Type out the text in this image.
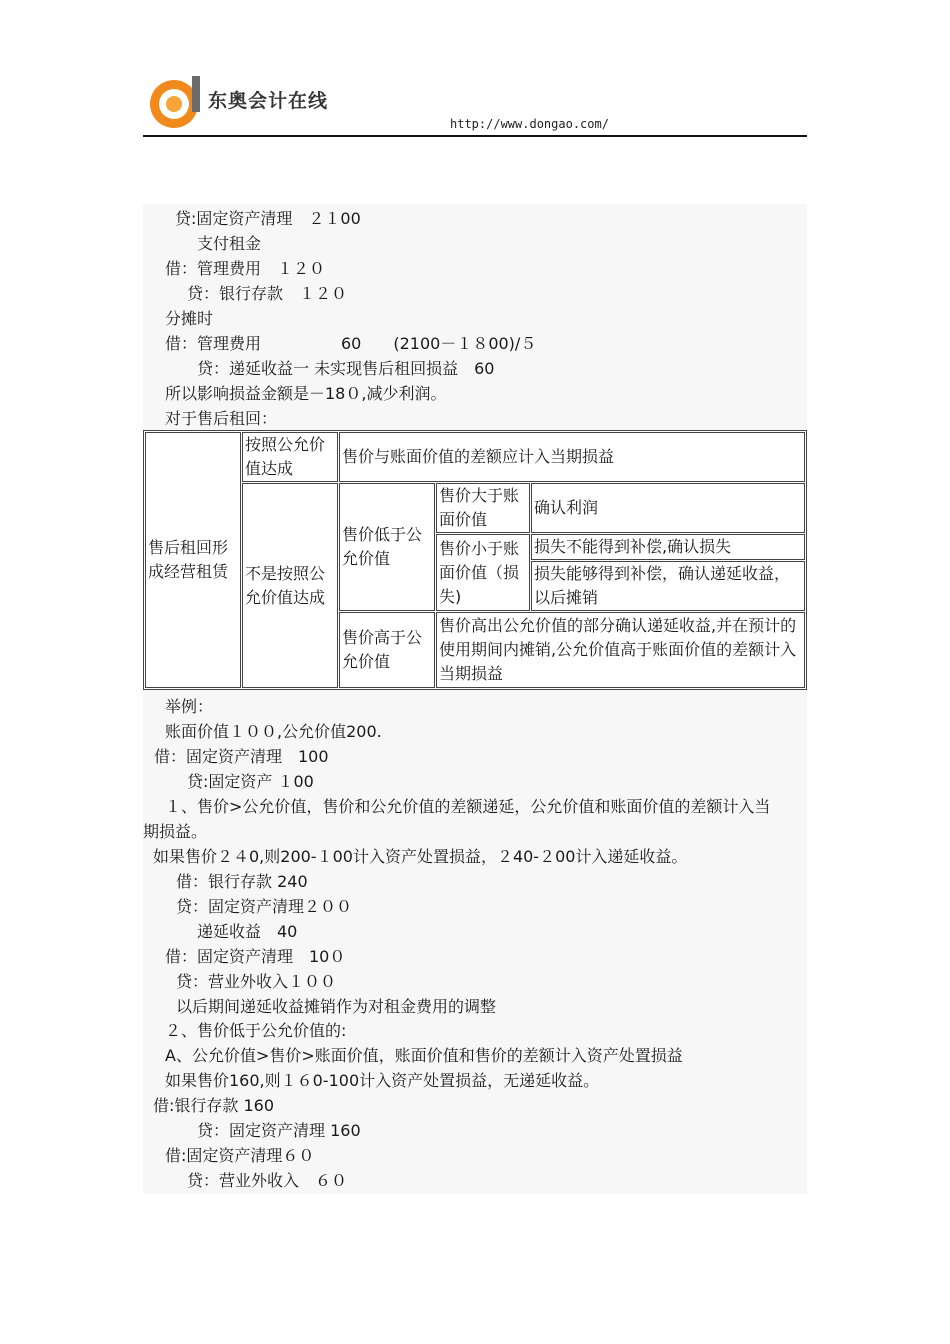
东奥会计在线
http://www.dongao.com/
贷:固定资产清理　２１00
支付租金
借：管理费用　１２０
贷：银行存款　１２０
分摊时
借：管理费用　　　　　60　　(2100－１８00)/５
贷：递延收益一 未实现售后租回损益　60
所以影响损益金额是－18０,减少利润。
对于售后租回：
售后租回形成经营租赁	按照公允价值达成	售价与账面价值的差额应计入当期损益		
	不是按照公允价值达成	售价低于公允价值	售价大于账面价值	确认利润
			售价小于账面价值（损失)	损失不能得到补偿,确认损失
				损失能够得到补偿，确认递延收益，以后摊销
		售价高于公允价值	售价高出公允价值的部分确认递延收益,并在预计的使用期间内摊销,公允价值高于账面价值的差额计入当期损益	
举例：
账面价值１００,公允价值200.
借：固定资产清理　100
贷:固定资产 １00
１、售价>公允价值，售价和公允价值的差额递延，公允价值和账面价值的差额计入当
期损益。
如果售价２４0,则200-１00计入资产处置损益，２40-２00计入递延收益。
借：银行存款 240
贷：固定资产清理２００
递延收益　40
借：固定资产清理　10０
贷：营业外收入１００
以后期间递延收益摊销作为对租金费用的调整
２、售价低于公允价值的:
A、公允价值>售价>账面价值，账面价值和售价的差额计入资产处置损益
如果售价160,则１６0-100计入资产处置损益，无递延收益。
借:银行存款 160
贷：固定资产清理 160
借:固定资产清理６０
贷：营业外收入　６０
